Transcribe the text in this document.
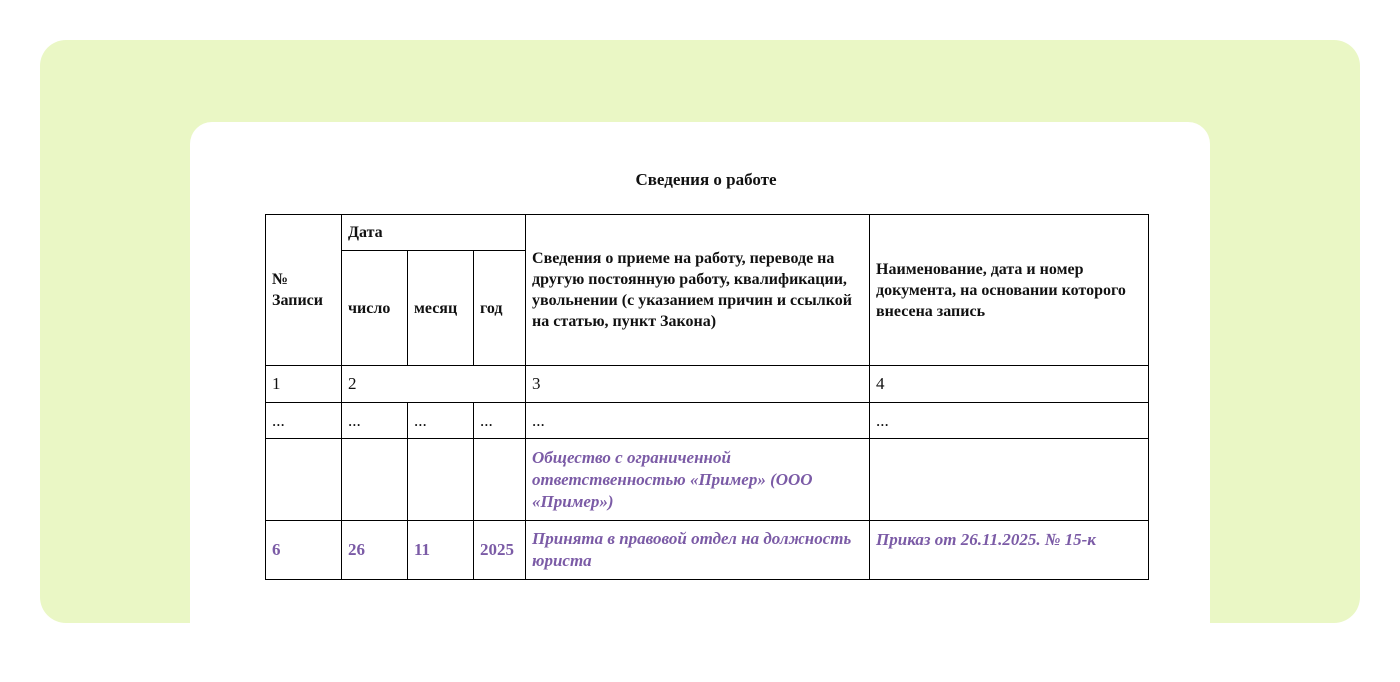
Сведения о работе
№ Записи	Дата			Сведения о приеме на работу, переводе на другую постоянную работу, квалификации, увольнении (с указанием причин и ссылкой на статью, пункт Закона)	Наименование, дата и номер документа, на основании которого внесена запись
	число	месяц	год		
1	2			3	4
...	...	...	...	...	...
				Общество с ограниченной ответственностью «Пример» (ООО «Пример»)	
6	26	11	2025	Принята в правовой отдел на должность юриста	Приказ от 26.11.2025. № 15-к
